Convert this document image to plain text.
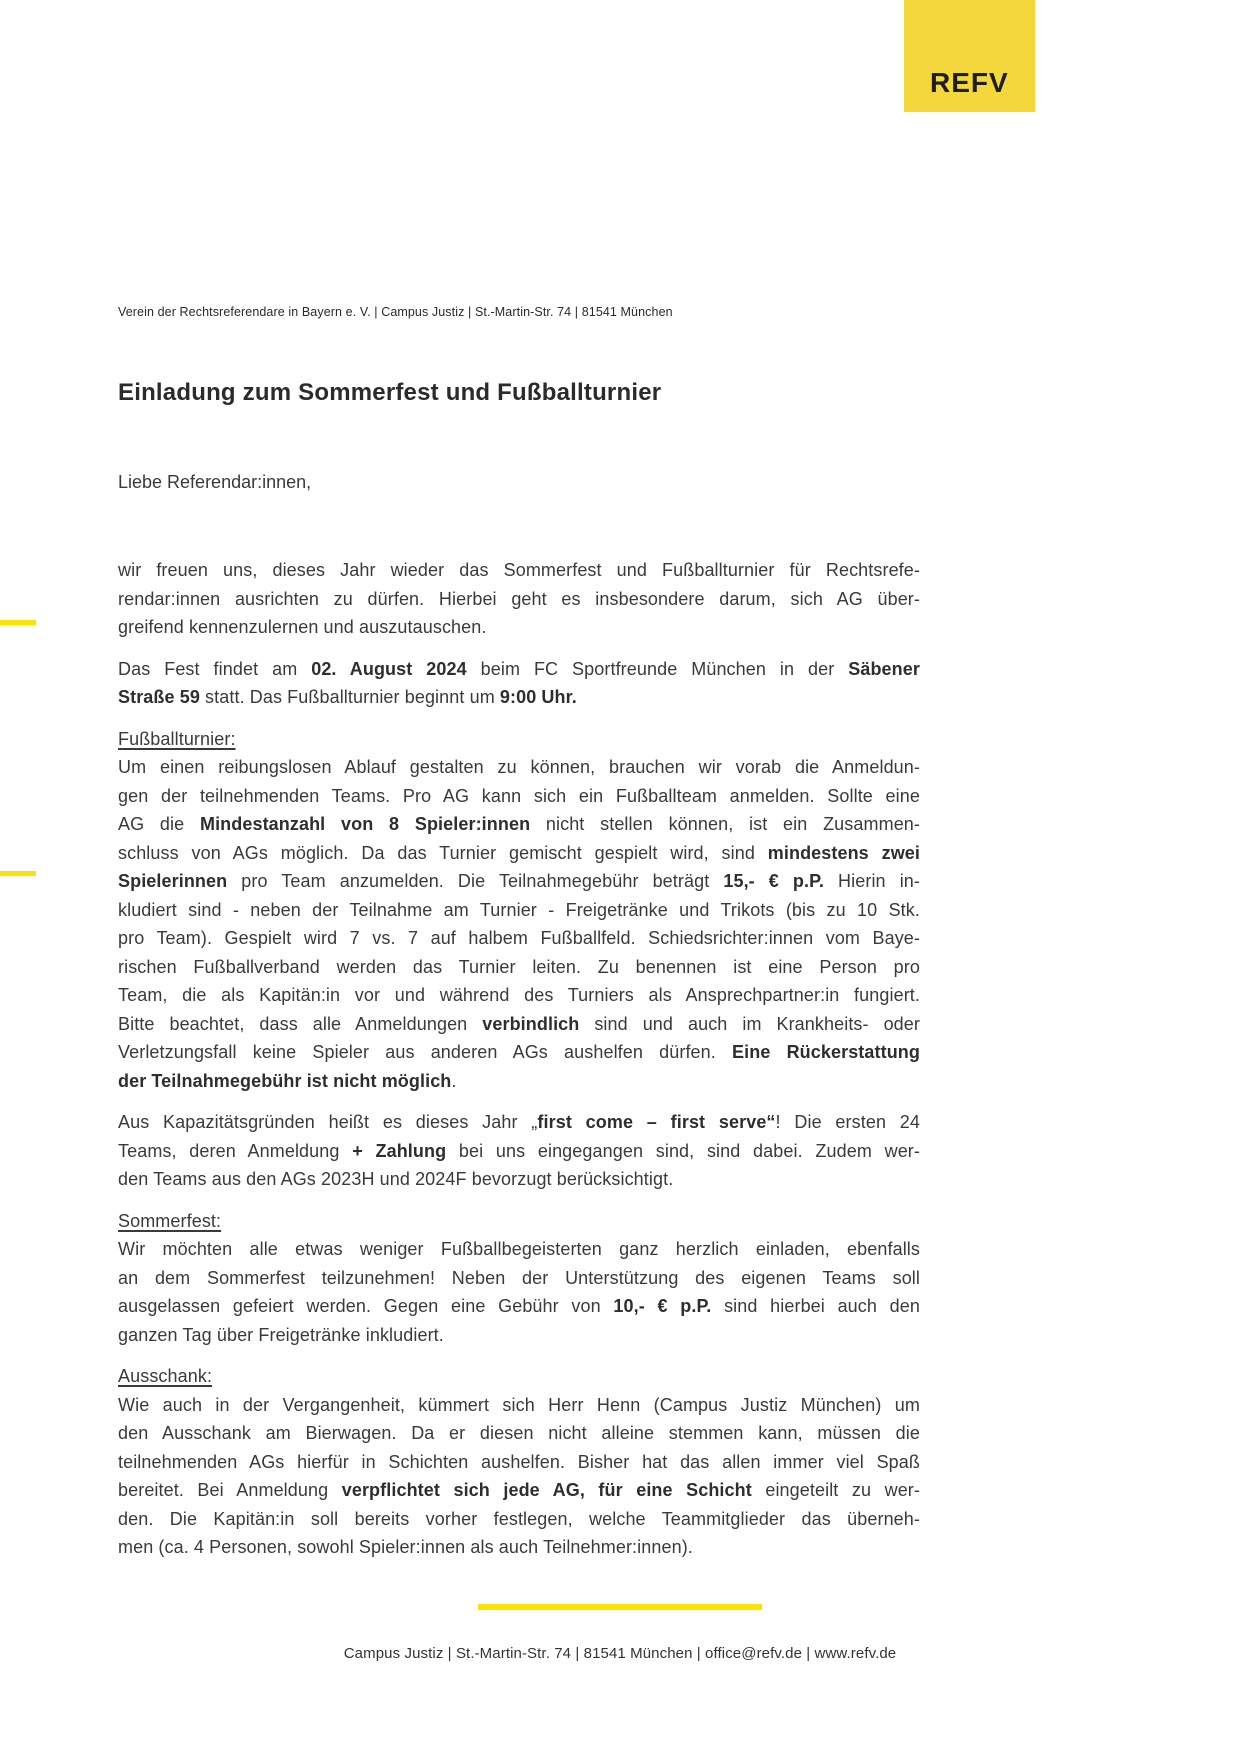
REFV
Verein der Rechtsreferendare in Bayern e. V. | Campus Justiz | St.-Martin-Str. 74 | 81541 München
Einladung zum Sommerfest und Fußballturnier
Liebe Referendar:innen,
wir freuen uns, dieses Jahr wieder das Sommerfest und Fußballturnier für Rechtsrefe-
rendar:innen ausrichten zu dürfen. Hierbei geht es insbesondere darum, sich AG über-
greifend kennenzulernen und auszutauschen.
Das Fest findet am 02. August 2024 beim FC Sportfreunde München in der Säbener
Straße 59 statt. Das Fußballturnier beginnt um 9:00 Uhr.
Fußballturnier:
Um einen reibungslosen Ablauf gestalten zu können, brauchen wir vorab die Anmeldun-
gen der teilnehmenden Teams. Pro AG kann sich ein Fußballteam anmelden. Sollte eine
AG die Mindestanzahl von 8 Spieler:innen nicht stellen können, ist ein Zusammen-
schluss von AGs möglich. Da das Turnier gemischt gespielt wird, sind mindestens zwei
Spielerinnen pro Team anzumelden. Die Teilnahmegebühr beträgt 15,- € p.P. Hierin in-
kludiert sind - neben der Teilnahme am Turnier - Freigetränke und Trikots (bis zu 10 Stk.
pro Team). Gespielt wird 7 vs. 7 auf halbem Fußballfeld. Schiedsrichter:innen vom Baye-
rischen Fußballverband werden das Turnier leiten. Zu benennen ist eine Person pro
Team, die als Kapitän:in vor und während des Turniers als Ansprechpartner:in fungiert.
Bitte beachtet, dass alle Anmeldungen verbindlich sind und auch im Krankheits- oder
Verletzungsfall keine Spieler aus anderen AGs aushelfen dürfen. Eine Rückerstattung
der Teilnahmegebühr ist nicht möglich.
Aus Kapazitätsgründen heißt es dieses Jahr „first come – first serve“! Die ersten 24
Teams, deren Anmeldung + Zahlung bei uns eingegangen sind, sind dabei. Zudem wer-
den Teams aus den AGs 2023H und 2024F bevorzugt berücksichtigt.
Sommerfest:
Wir möchten alle etwas weniger Fußballbegeisterten ganz herzlich einladen, ebenfalls
an dem Sommerfest teilzunehmen! Neben der Unterstützung des eigenen Teams soll
ausgelassen gefeiert werden. Gegen eine Gebühr von 10,- € p.P. sind hierbei auch den
ganzen Tag über Freigetränke inkludiert.
Ausschank:
Wie auch in der Vergangenheit, kümmert sich Herr Henn (Campus Justiz München) um
den Ausschank am Bierwagen. Da er diesen nicht alleine stemmen kann, müssen die
teilnehmenden AGs hierfür in Schichten aushelfen. Bisher hat das allen immer viel Spaß
bereitet. Bei Anmeldung verpflichtet sich jede AG, für eine Schicht eingeteilt zu wer-
den. Die Kapitän:in soll bereits vorher festlegen, welche Teammitglieder das überneh-
men (ca. 4 Personen, sowohl Spieler:innen als auch Teilnehmer:innen).
Campus Justiz | St.-Martin-Str. 74 | 81541 München | office@refv.de | www.refv.de
